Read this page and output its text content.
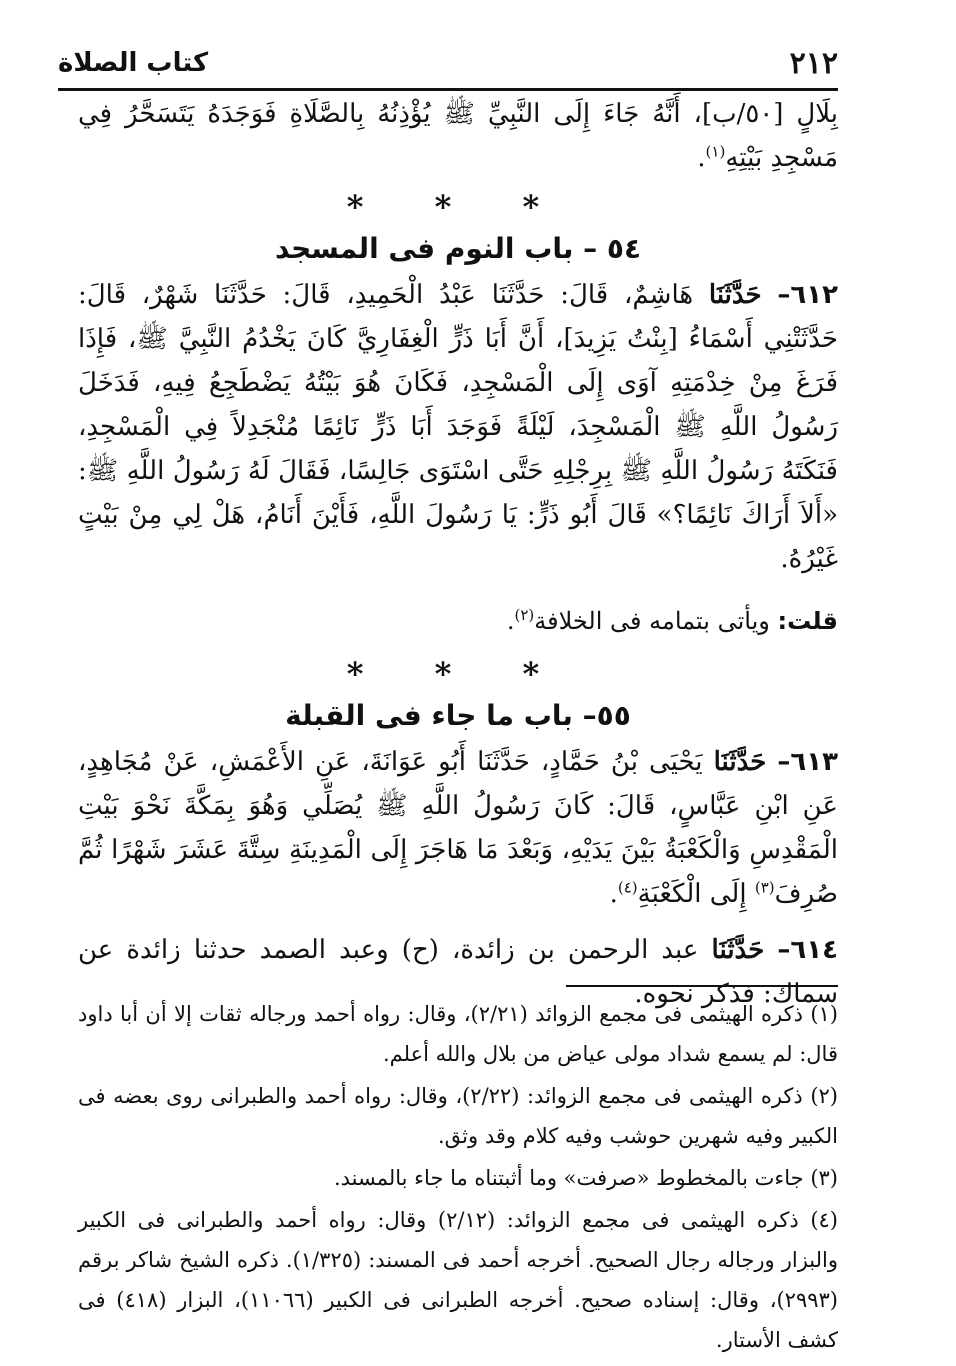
٢١٢
كتاب الصلاة
بِلَالٍ [٥٠/ب]، أَنَّهُ جَاءَ إِلَى النَّبِيِّ ﷺ يُؤْذِنُهُ بِالصَّلَاةِ فَوَجَدَهُ يَتَسَحَّرُ فِي مَسْجِدِ بَيْتِهِ$^{(١)}$.
* * *
٥٤ – باب النوم فى المسجد
٦١٢– حَدَّثَنَا هَاشِمٌ، قَالَ: حَدَّثَنَا عَبْدُ الْحَمِيدِ، قَالَ: حَدَّثَنَا شَهْرٌ، قَالَ: حَدَّثَتْنِي أَسْمَاءُ [بِنْتُ يَزِيدَ]، أَنَّ أَبَا ذَرٍّ الْغِفَارِيَّ كَانَ يَخْدُمُ النَّبِيَّ ﷺ، فَإِذَا فَرَغَ مِنْ خِدْمَتِهِ آوَى إِلَى الْمَسْجِدِ، فَكَانَ هُوَ بَيْتُهُ يَضْطَجِعُ فِيهِ، فَدَخَلَ رَسُولُ اللَّهِ ﷺ الْمَسْجِدَ، لَيْلَةً فَوَجَدَ أَبَا ذَرٍّ نَائِمًا مُنْجَدِلاً فِي الْمَسْجِدِ، فَنَكَتَهُ رَسُولُ اللَّهِ ﷺ بِرِجْلِهِ حَتَّى اسْتَوَى جَالِسًا، فَقَالَ لَهُ رَسُولُ اللَّهِ ﷺ: «أَلاَ أَرَاكَ نَائِمًا؟» قَالَ أَبُو ذَرٍّ: يَا رَسُولَ اللَّهِ، فَأَيْنَ أَنَامُ، هَلْ لِي مِنْ بَيْتٍ غَيْرُهُ.
قلت: ويأتى بتمامه فى الخلافة$^{(٢)}$.
* * *
٥٥– باب ما جاء فى القبلة
٦١٣– حَدَّثَنَا يَحْيَى بْنُ حَمَّادٍ، حَدَّثَنَا أَبُو عَوَانَةَ، عَنِ الأَعْمَشِ، عَنْ مُجَاهِدٍ، عَنِ ابْنِ عَبَّاسٍ، قَالَ: كَانَ رَسُولُ اللَّهِ ﷺ يُصَلِّي وَهُوَ بِمَكَّةَ نَحْوَ بَيْتِ الْمَقْدِسِ وَالْكَعْبَةُ بَيْنَ يَدَيْهِ، وَبَعْدَ مَا هَاجَرَ إِلَى الْمَدِينَةِ سِتَّةَ عَشَرَ شَهْرًا ثُمَّ صُرِفَ$^{(٣)}$ إِلَى الْكَعْبَةِ$^{(٤)}$.
٦١٤– حَدَّثَنَا عبد الرحمن بن زائدة، (ح) وعبد الصمد حدثنا زائدة عن سماك: فذكر نحوه.

(١) ذكره الهيثمى فى مجمع الزوائد (٢/٢١)، وقال: رواه أحمد ورجاله ثقات إلا أن أبا داود قال: لم يسمع شداد مولى عياض من بلال والله أعلم.

(٢) ذكره الهيثمى فى مجمع الزوائد: (٢/٢٢)، وقال: رواه أحمد والطبرانى روى بعضه فى الكبير وفيه شهرين حوشب وفيه كلام وقد وثق.

(٣) جاءت بالمخطوط «صرفت» وما أثبتناه ما جاء بالمسند.

(٤) ذكره الهيثمى فى مجمع الزوائد: (٢/١٢) وقال: رواه أحمد والطبرانى فى الكبير والبزار ورجاله رجال الصحيح. أخرجه أحمد فى المسند: (١/٣٢٥). ذكره الشيخ شاكر برقم (٢٩٩٣)، وقال: إسناده صحيح. أخرجه الطبرانى فى الكبير (١١٠٦٦)، البزار (٤١٨) فى كشف الأستار.
